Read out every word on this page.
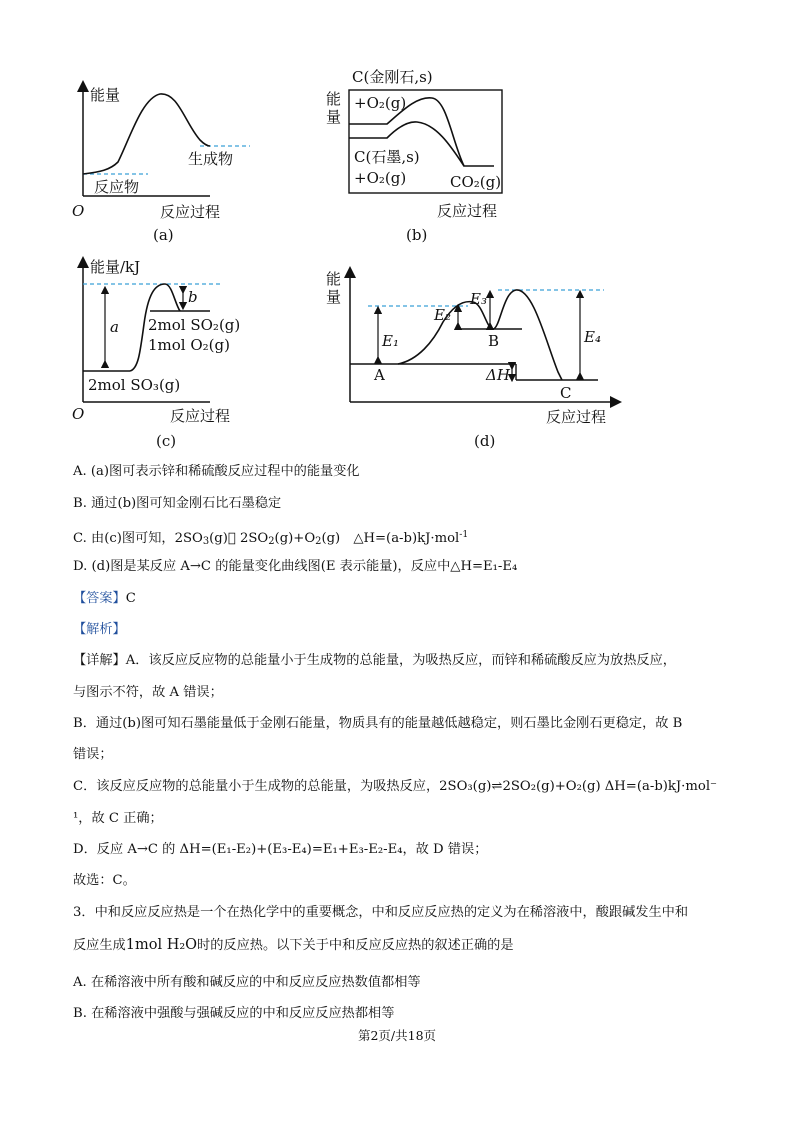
能量
生成物
反应物
O	反应过程
(a)
C(金刚石,s)
能
量
+O₂(g)
C(石墨,s)
+O₂(g)	CO₂(g)
反应过程
(b)
能量/kJ
a
b
2mol SO₂(g)
1mol O₂(g)
2mol SO₃(g)
O	反应过程
(c)
能
量
E₁
E₂
E₃
E₄
ΔH
A
B
C
反应过程
(d)
A. (a)图可表示锌和稀硫酸反应过程中的能量变化
B. 通过(b)图可知金刚石比石墨稳定
C. 由(c)图可知，2SO3(g) 2SO2(g)+O2(g)　△H=(a-b)kJ·mol$^{-1}$
D. (d)图是某反应 A→C 的能量变化曲线图(E 表示能量)，反应中△H=E₁-E₄
【答案】C
【解析】
【详解】A．该反应反应物的总能量小于生成物的总能量，为吸热反应，而锌和稀硫酸反应为放热反应，
与图示不符，故 A 错误；
B．通过(b)图可知石墨能量低于金刚石能量，物质具有的能量越低越稳定，则石墨比金刚石更稳定，故 B
错误；
C．该反应反应物的总能量小于生成物的总能量，为吸热反应，2SO₃(g)⇌2SO₂(g)+O₂(g) ΔH=(a-b)kJ·mol⁻
¹，故 C 正确；
D．反应 A→C 的 ΔH=(E₁-E₂)+(E₃-E₄)=E₁+E₃-E₂-E₄，故 D 错误；
故选：C。
3．中和反应反应热是一个在热化学中的重要概念，中和反应反应热的定义为在稀溶液中，酸跟碱发生中和
反应生成1mol H₂O时的反应热。以下关于中和反应反应热的叙述正确的是
A. 在稀溶液中所有酸和碱反应的中和反应反应热数值都相等
B. 在稀溶液中强酸与强碱反应的中和反应反应热都相等
第2页/共18页
